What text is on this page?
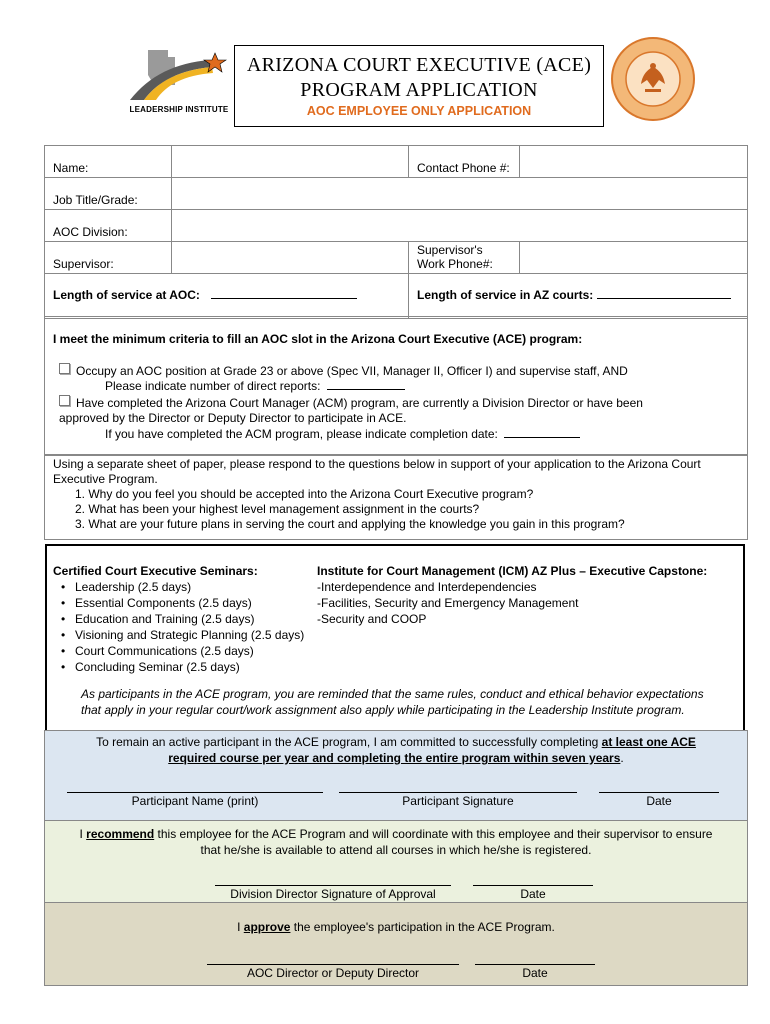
LEADERSHIP INSTITUTE
ARIZONA COURT EXECUTIVE (ACE)
PROGRAM APPLICATION
AOC EMPLOYEE ONLY APPLICATION
Name:		Contact Phone #:	
Job Title/Grade:			
AOC Division:			
Supervisor:		Supervisor's
Work Phone#:	
Length of service at AOC:		Length of service in AZ courts:	
I meet the minimum criteria to fill an AOC slot in the Arizona Court Executive (ACE) program:
Occupy an AOC position at Grade 23 or above (Spec VII, Manager II, Officer I) and supervise staff, AND
Please indicate number of direct reports:
Have completed the Arizona Court Manager (ACM) program, are currently a Division Director or have been
approved by the Director or Deputy Director to participate in ACE.
If you have completed the ACM program, please indicate completion date:
Using a separate sheet of paper, please respond to the questions below in support of your application to the Arizona Court
Executive Program.
1. Why do you feel you should be accepted into the Arizona Court Executive program?
2. What has been your highest level management assignment in the courts?
3. What are your future plans in serving the court and applying the knowledge you gain in this program?
Certified Court Executive Seminars:
• Leadership (2.5 days)
• Essential Components (2.5 days)
• Education and Training (2.5 days)
• Visioning and Strategic Planning (2.5 days)
• Court Communications (2.5 days)
• Concluding Seminar (2.5 days)
Institute for Court Management (ICM) AZ Plus – Executive Capstone:
-Interdependence and Interdependencies
-Facilities, Security and Emergency Management
-Security and COOP
As participants in the ACE program, you are reminded that the same rules, conduct and ethical behavior expectations
that apply in your regular court/work assignment also apply while participating in the Leadership Institute program.
To remain an active participant in the ACE program, I am committed to successfully completing at least one ACE
required course per year and completing the entire program within seven years.
Participant Name (print)	Participant Signature	Date
I recommend this employee for the ACE Program and will coordinate with this employee and their supervisor to ensure
that he/she is available to attend all courses in which he/she is registered.
Division Director Signature of Approval	Date
I approve the employee's participation in the ACE Program.
AOC Director or Deputy Director	Date
